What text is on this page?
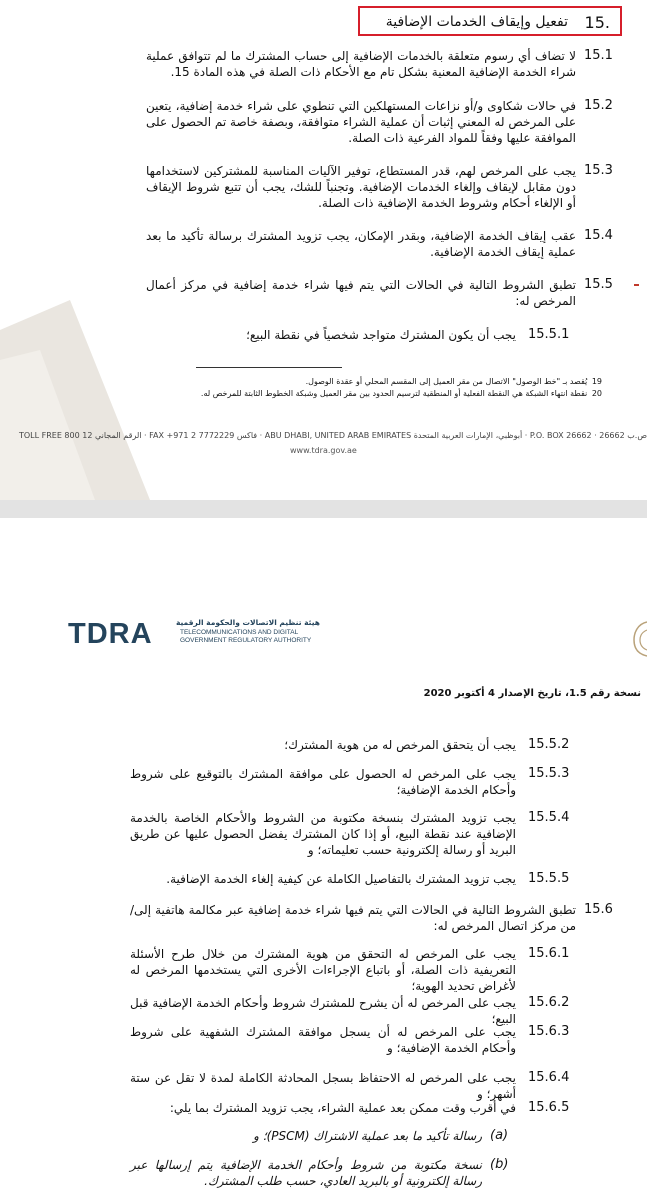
15.
تفعيل وإيقاف الخدمات الإضافية
15.1
لا تضاف أي رسوم متعلقة بالخدمات الإضافية إلى حساب المشترك ما لم تتوافق عملية شراء الخدمة الإضافية المعنية بشكل تام مع الأحكام ذات الصلة في هذه المادة 15.
15.2
في حالات شكاوى و/أو نزاعات المستهلكين التي تنطوي على شراء خدمة إضافية، يتعين على المرخص له المعني إثبات أن عملية الشراء متوافقة، وبصفة خاصة تم الحصول على الموافقة عليها وفقاً للمواد الفرعية ذات الصلة.
15.3
يجب على المرخص لهم، قدر المستطاع، توفير الآليات المناسبة للمشتركين لاستخدامها دون مقابل لإيقاف وإلغاء الخدمات الإضافية. وتجنباً للشك، يجب أن تتبع شروط الإيقاف أو الإلغاء أحكام وشروط الخدمة الإضافية ذات الصلة.
15.4
عقب إيقاف الخدمة الإضافية، وبقدر الإمكان، يجب تزويد المشترك برسالة تأكيد ما بعد عملية إيقاف الخدمة الإضافية.
15.5
تطبق الشروط التالية في الحالات التي يتم فيها شراء خدمة إضافية في مركز أعمال المرخص له:
15.5.1
يجب أن يكون المشترك متواجد شخصياً في نقطة البيع؛
19 يُقصد بـ "خط الوصول" الاتصال من مقر العميل إلى المقسم المحلي أو عقدة الوصول.
20 نقطة انتهاء الشبكة هي النقطة الفعلية أو المنطقية لترسيم الحدود بين مقر العميل وشبكة الخطوط الثابتة للمرخص له.
ص.ب 26662 · P.O. BOX 26662 · أبوظبي، الإمارات العربية المتحدة ABU DHABI, UNITED ARAB EMIRATES · فاكس FAX +971 2 7772229 · الرقم المجاني TOLL FREE 800 12
www.tdra.gov.ae
TDRA	هيئة تنظيم الاتصالات والحكومة الرقمية
TELECOMMUNICATIONS AND DIGITAL
GOVERNMENT REGULATORY AUTHORITY
نسخة رقم 1.5، تاريخ الإصدار 4 أكتوبر 2020
15.5.2
يجب أن يتحقق المرخص له من هوية المشترك؛
15.5.3
يجب على المرخص له الحصول على موافقة المشترك بالتوقيع على شروط وأحكام الخدمة الإضافية؛
15.5.4
يجب تزويد المشترك بنسخة مكتوبة من الشروط والأحكام الخاصة بالخدمة الإضافية عند نقطة البيع، أو إذا كان المشترك يفضل الحصول عليها عن طريق البريد أو رسالة إلكترونية حسب تعليماته؛ و
15.5.5
يجب تزويد المشترك بالتفاصيل الكاملة عن كيفية إلغاء الخدمة الإضافية.
15.6
تطبق الشروط التالية في الحالات التي يتم فيها شراء خدمة إضافية عبر مكالمة هاتفية إلى/من مركز اتصال المرخص له:
15.6.1
يجب على المرخص له التحقق من هوية المشترك من خلال طرح الأسئلة التعريفية ذات الصلة، أو باتباع الإجراءات الأخرى التي يستخدمها المرخص له لأغراض تحديد الهوية؛
15.6.2
يجب على المرخص له أن يشرح للمشترك شروط وأحكام الخدمة الإضافية قبل البيع؛
15.6.3
يجب على المرخص له أن يسجل موافقة المشترك الشفهية على شروط وأحكام الخدمة الإضافية؛ و
15.6.4
يجب على المرخص له الاحتفاظ بسجل المحادثة الكاملة لمدة لا تقل عن ستة أشهر؛ و
15.6.5
في أقرب وقت ممكن بعد عملية الشراء، يجب تزويد المشترك بما يلي:
(a)
رسالة تأكيد ما بعد عملية الاشتراك (PSCM)؛ و
(b)
نسخة مكتوبة من شروط وأحكام الخدمة الإضافية يتم إرسالها عبر رسالة إلكترونية أو بالبريد العادي، حسب طلب المشترك.
